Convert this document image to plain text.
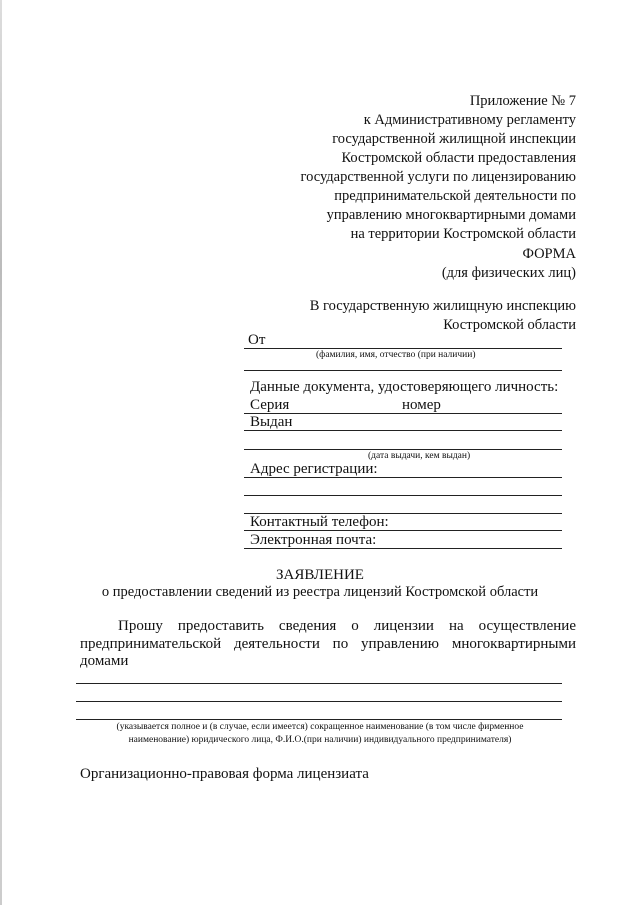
Приложение № 7
к Административному регламенту
государственной жилищной инспекции
Костромской области предоставления
государственной услуги по лицензированию
предпринимательской деятельности по
управлению многоквартирными домами
на территории Костромской области
ФОРМА
(для физических лиц)
В государственную жилищную инспекцию
Костромской области
От
(фамилия, имя, отчество (при наличии)
Данные документа, удостоверяющего личность:
Серия	номер
Выдан
(дата выдачи, кем выдан)
Адрес регистрации:
Контактный телефон:
Электронная почта:
ЗАЯВЛЕНИЕ
о предоставлении сведений из реестра лицензий Костромской области
Прошу предоставить сведения о лицензии на осуществление
предпринимательской деятельности по управлению многоквартирными
домами
(указывается полное и (в случае, если имеется) сокращенное наименование (в том числе фирменное
наименование) юридического лица, Ф.И.О.(при наличии) индивидуального предпринимателя)
Организационно-правовая форма лицензиата
